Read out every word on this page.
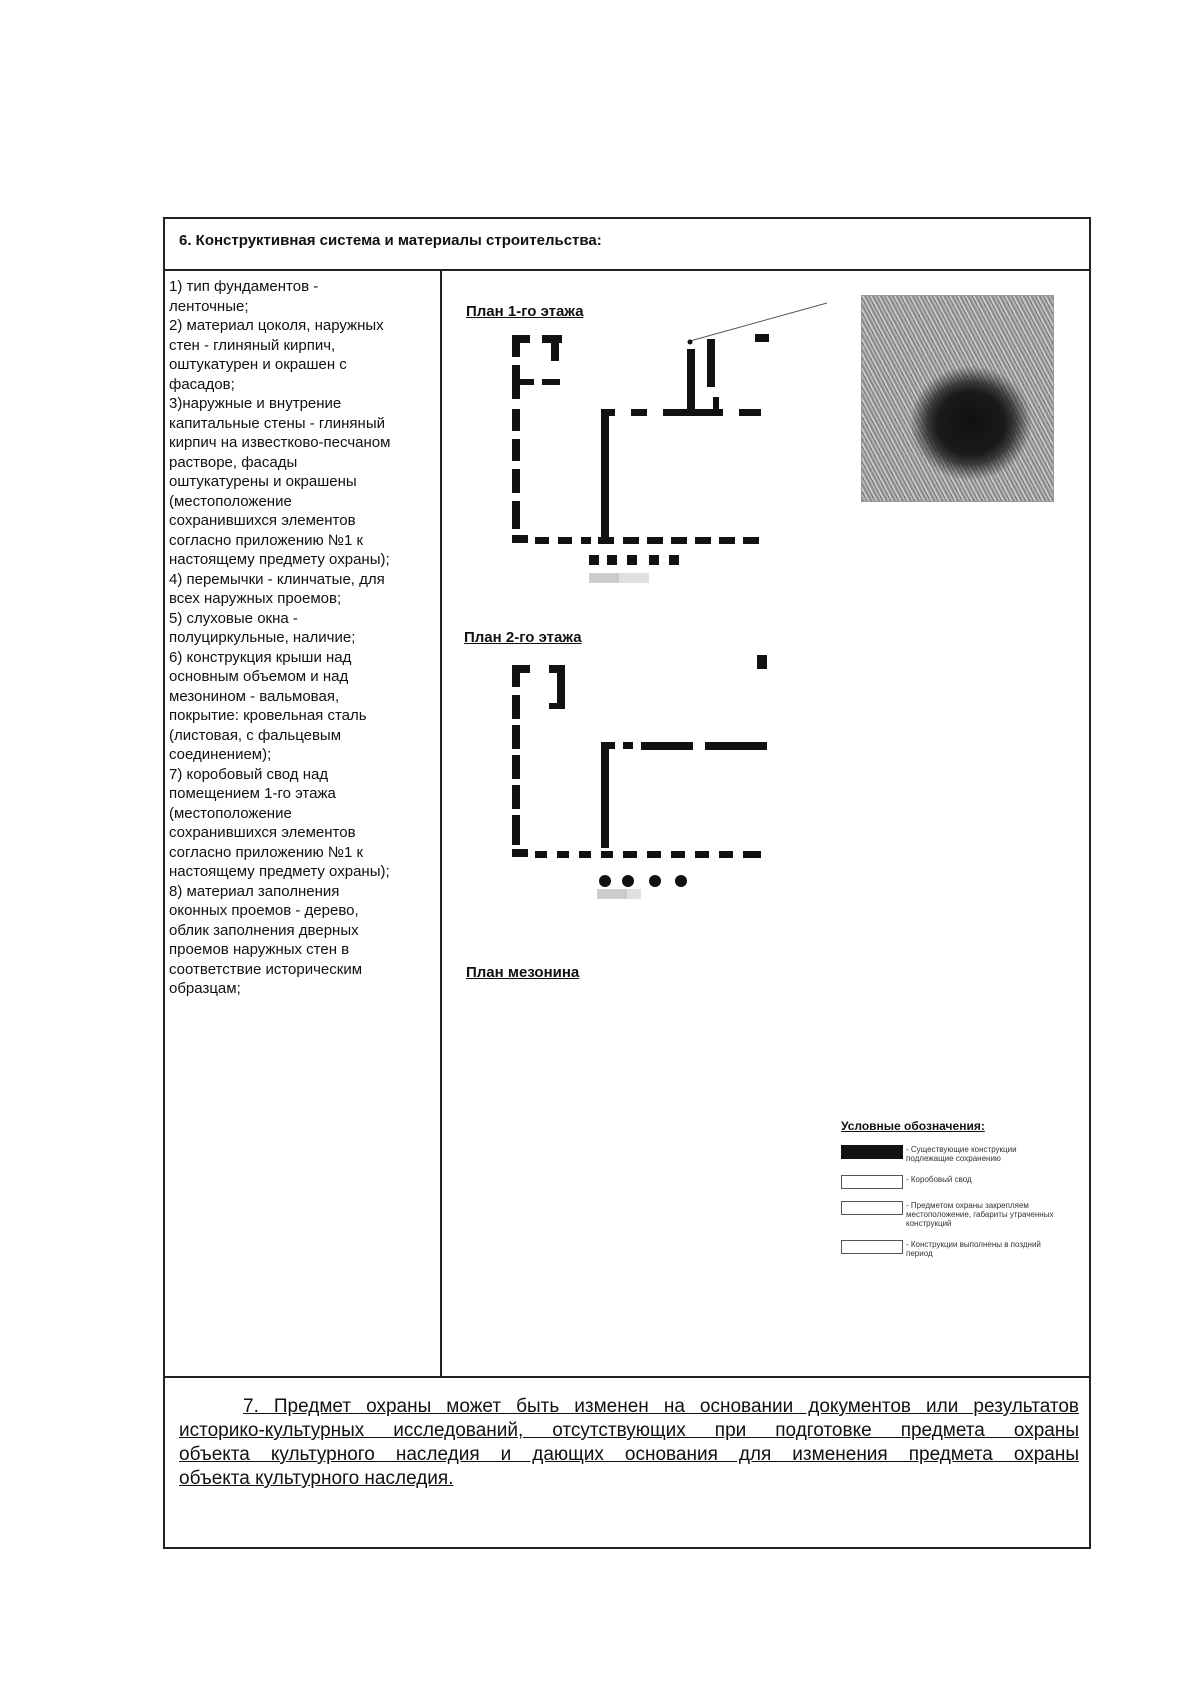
6. Конструктивная система и материалы строительства:
1) тип фундаментов -
ленточные;
2) материал цоколя, наружных
стен - глиняный кирпич,
оштукатурен и окрашен с
фасадов;
3)наружные и внутрение
капитальные стены - глиняный
кирпич на известково-песчаном
растворе, фасады
оштукатурены и окрашены
(местоположение
сохранившихся элементов
согласно приложению №1 к
настоящему предмету охраны);
4) перемычки - клинчатые, для
всех наружных проемов;
5) слуховые окна -
полуциркульные, наличие;
6) конструкция крыши над
основным объемом и над
мезонином - вальмовая,
покрытие: кровельная сталь
(листовая, с фальцевым
соединением);
7) коробовый свод над
помещением 1-го этажа
(местоположение
сохранившихся элементов
согласно приложению №1 к
настоящему предмету охраны);
8) материал заполнения
оконных проемов - дерево,
облик заполнения дверных
проемов наружных стен в
соответствие историческим
образцам;
План 1-го этажа
План 2-го этажа
План мезонина
Условные обозначения:
- Существующие конструкции подлежащие сохранению
- Коробовый свод
- Предметом охраны закрепляем местоположение, габариты утраченных конструкций
- Конструкции выполнены в поздний период
7. Предмет охраны может быть изменен на основании документов или результатов
историко-культурных исследований, отсутствующих при подготовке предмета охраны
объекта культурного наследия и дающих основания для изменения предмета охраны
объекта культурного наследия.
